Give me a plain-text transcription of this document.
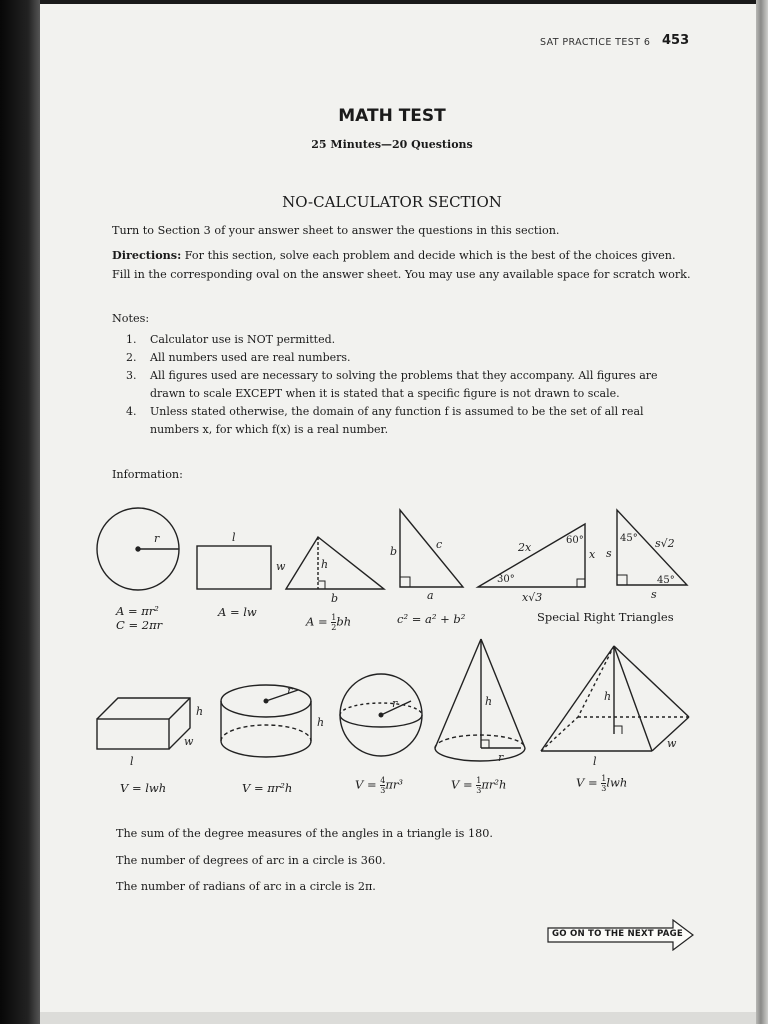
SAT PRACTICE TEST 6 453
MATH TEST
25 Minutes—20 Questions
NO-CALCULATOR SECTION
Turn to Section 3 of your answer sheet to answer the questions in this section.
Directions: For this section, solve each problem and decide which is the best of the choices given.
Fill in the corresponding oval on the answer sheet. You may use any available space for scratch work.
Notes:
1. Calculator use is NOT permitted.
2. All numbers used are real numbers.
3. All figures used are necessary to solving the problems that they accompany. All figures are drawn to scale EXCEPT when it is stated that a specific figure is not drawn to scale.
4. Unless stated otherwise, the domain of any function f is assumed to be the set of all real numbers x, for which f(x) is a real number.
Information:
r	l
w	h
b
b
c
a
2x
60°
x
30°
x√3
s
45° s√2
45°
s
h
w
l
r
h
r	h
r
h
w
l
A = πr²
C = 2πr
A = lw
$A = \frac{1}{2}$ bh	c² = a² + b²	Special Right Triangles
V = lwh	V = πr²h	$V = \frac{4}{3} \pi r^3$	$V = \frac{1}{3} \pi r^2h$	$V = \frac{1}{3}$ lwh
The sum of the degree measures of the angles in a triangle is 180.
The number of degrees of arc in a circle is 360.
The number of radians of arc in a circle is 2π.
GO ON TO THE NEXT PAGE
